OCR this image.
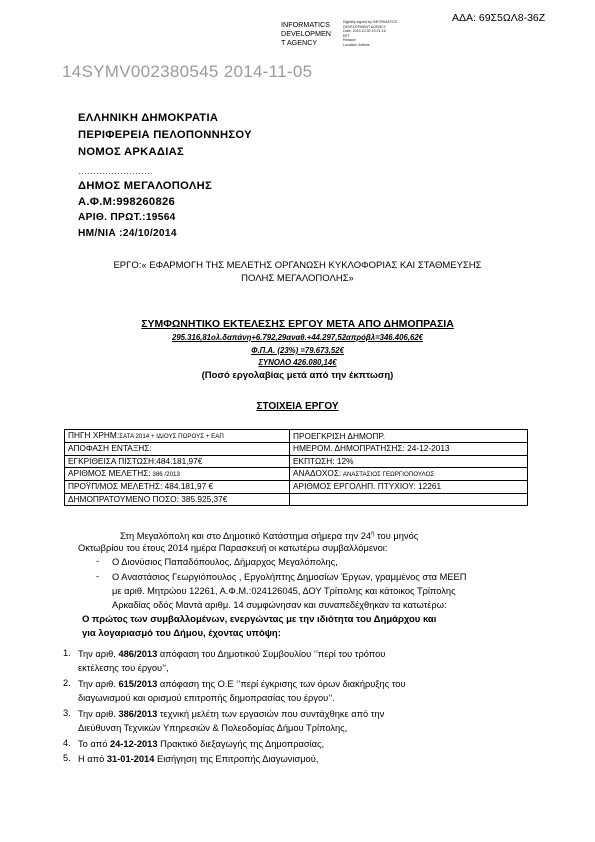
ΑΔΑ: 69Σ5ΩΛ8-36Ζ
INFORMATICS
DEVELOPMEN
T AGENCY
Digitally signed by INFORMATICS
DEVELOPMENT AGENCY
Date: 2014.10.30 10:21:16
EET
Reason:
Location: Athens
14SYMV002380545 2014-11-05
ΕΛΛΗΝΙΚΗ ΔΗΜΟΚΡΑΤΙΑ
ΠΕΡΙΦΕΡΕΙΑ ΠΕΛΟΠΟΝΝΗΣΟΥ
ΝΟΜΟΣ ΑΡΚΑΔΙΑΣ
…………………….
ΔΗΜΟΣ ΜΕΓΑΛΟΠΟΛΗΣ
Α.Φ.Μ:998260826
ΑΡΙΘ. ΠΡΩΤ.:19564
ΗΜ/ΝΙΑ :24/10/2014
ΕΡΓΟ:« ΕΦΑΡΜΟΓΗ ΤΗΣ ΜΕΛΕΤΗΣ ΟΡΓΑΝΩΣΗ ΚΥΚΛΟΦΟΡΙΑΣ ΚΑΙ ΣΤΑΘΜΕΥΣΗΣ
ΠΟΛΗΣ ΜΕΓΑΛΟΠΟΛΗΣ»
ΣΥΜΦΩΝΗΤΙΚΟ ΕΚΤΕΛΕΣΗΣ ΕΡΓΟΥ ΜΕΤΑ ΑΠΟ ΔΗΜΟΠΡΑΣΙΑ
295.316,81ολ.δαπάνη+6.792,29αναθ.+44.297,52απρόβλ=346.406,62€
Φ.Π.Α. (23%) =79.673,52€
ΣΥΝΟΛΟ 426.080,14€
(Ποσό εργολαβίας μετά από την έκπτωση)
ΣΤΟΙΧΕΙΑ ΕΡΓΟΥ
ΠΗΓΗ ΧΡΗΜ:ΣΑΤΑ 2014 + ΙΔΙΟΥΣ ΠΟΡΟΥΣ + ΕΑΠ	ΠΡΟΕΓΚΡΙΣΗ ΔΗΜΟΠΡ.
ΑΠΟΦΑΣΗ ΕΝΤΑΞΗΣ:	ΗΜΕΡΟΜ. ΔΗΜΟΠΡΑΤΗΣΗΣ: 24-12-2013
ΕΓΚΡΙΘΕΙΣΑ ΠΙΣΤΩΣΗ:484.181,97€	ΕΚΠΤΩΣΗ: 12%
ΑΡΙΘΜΟΣ ΜΕΛΕΤΗΣ: 386 /2013	ΑΝΑΔΟΧΟΣ: ΑΝΑΣΤΑΣΙΟΣ ΓΕΩΡΓΙΟΠΟΥΛΟΣ
ΠΡΟΫΠ/ΜΟΣ ΜΕΛΕΤΗΣ: 484.181,97 €	ΑΡΙΘΜΟΣ ΕΡΓΟΛΗΠ. ΠΤΥΧΙΟΥ: 12261
ΔΗΜΟΠΡΑΤΟΥΜΕΝΟ ΠΟΣΟ: 385.925,37€	
Στη Μεγαλόπολη και στο Δημοτικό Κατάστημα σήμερα την $24^\eta$ του μηνός
Οκτωβρίου του έτους 2014 ημέρα Παρασκευή οι κατωτέρω συμβαλλόμενοι:
- Ο Διονύσιος Παπαδόπουλος, Δήμαρχος Μεγαλόπολης,
- Ο Αναστάσιος Γεωργιόπουλος , Εργολήπτης Δημοσίων Έργων, γραμμένος στα ΜΕΕΠ
με αριθ. Μητρώου 12261, Α.Φ.Μ.:024126045, ΔΟΥ Τρίπολης και κάτοικος Τρίπολης
Αρκαδίας οδός Μαντά αριθμ. 14 συμφώνησαν και συναπεδέχθηκαν τα κατωτέρω:
Ο πρώτος των συμβαλλομένων, ενεργώντας με την ιδιότητα του Δημάρχου και
για λογαριασμό του Δήμου, έχοντας υπόψη:
1. Την αριθ. 486/2013 απόφαση του Δημοτικού Συμβουλίου ‘’περί του τρόπου
εκτέλεσης του έργου’’,
2. Την αριθ. 615/2013 απόφαση της Ο.Ε ‘’περί έγκρισης των όρων διακήρυξης του
διαγωνισμού και ορισμού επιτροπής δημοπρασίας του έργου’’.
3. Την αριθ. 386/2013 τεχνική μελέτη των εργασιών που συντάχθηκε από την
Διεύθυνση Τεχνικών Υπηρεσιών & Πολεοδομίας Δήμου Τρίπολης,
4. Το από 24-12-2013 Πρακτικό διεξαγωγής της Δημοπρασίας,
5. Η από 31-01-2014 Εισήγηση της Επιτροπής Διαγωνισμού,
